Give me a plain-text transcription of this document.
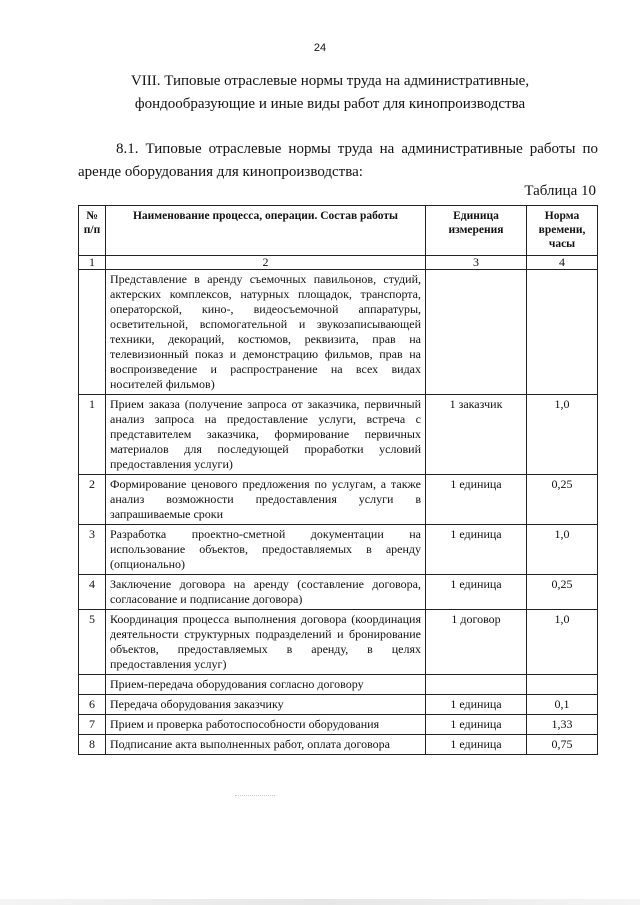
24
VIII. Типовые отраслевые нормы труда на административные,
фондообразующие и иные виды работ для кинопроизводства
8.1. Типовые отраслевые нормы труда на административные работы по аренде оборудования для кинопроизводства:
Таблица 10
№ п/п	Наименование процесса, операции. Состав работы	Единица измерения	Норма времени, часы
1	2	3	4
	Представление в аренду съемочных павильонов, студий, актерских комплексов, натурных площадок, транспорта, операторской, кино-, видеосъемочной аппаратуры, осветительной, вспомогательной и звукозаписывающей техники, декораций, костюмов, реквизита, прав на телевизионный показ и демонстрацию фильмов, прав на воспроизведение и распространение на всех видах носителей фильмов)		
1	Прием заказа (получение запроса от заказчика, первичный анализ запроса на предоставление услуги, встреча с представителем заказчика, формирование первичных материалов для последующей проработки условий предоставления услуги)	1 заказчик	1,0
2	Формирование ценового предложения по услугам, а также анализ возможности предоставления услуги в запрашиваемые сроки	1 единица	0,25
3	Разработка проектно-сметной документации на использование объектов, предоставляемых в аренду (опционально)	1 единица	1,0
4	Заключение договора на аренду (составление договора, согласование и подписание договора)	1 единица	0,25
5	Координация процесса выполнения договора (координация деятельности структурных подразделений и бронирование объектов, предоставляемых в аренду, в целях предоставления услуг)	1 договор	1,0
	Прием-передача оборудования согласно договору		
6	Передача оборудования заказчику	1 единица	0,1
7	Прием и проверка работоспособности оборудования	1 единица	1,33
8	Подписание акта выполненных работ, оплата договора	1 единица	0,75
